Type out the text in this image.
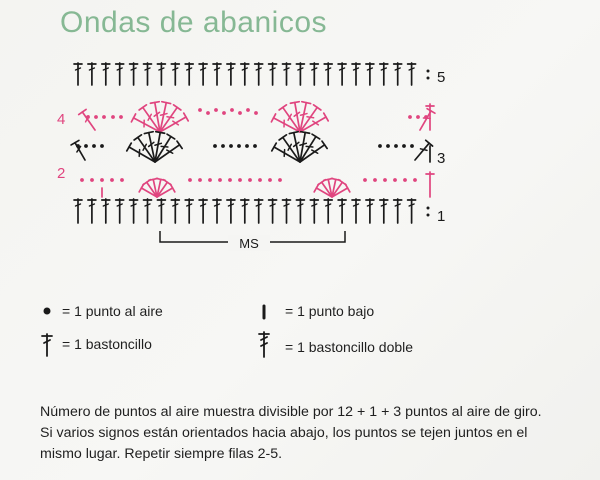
Ondas de abanicos
5
4
3
2
1
MS
= 1 punto al aire	= 1 punto bajo
= 1 bastoncillo	= 1 bastoncillo doble
Número de puntos al aire muestra divisible por 12 + 1 + 3 puntos al aire de giro.
Si varios signos están orientados hacia abajo, los puntos se tejen juntos en el
mismo lugar. Repetir siempre filas 2-5.
